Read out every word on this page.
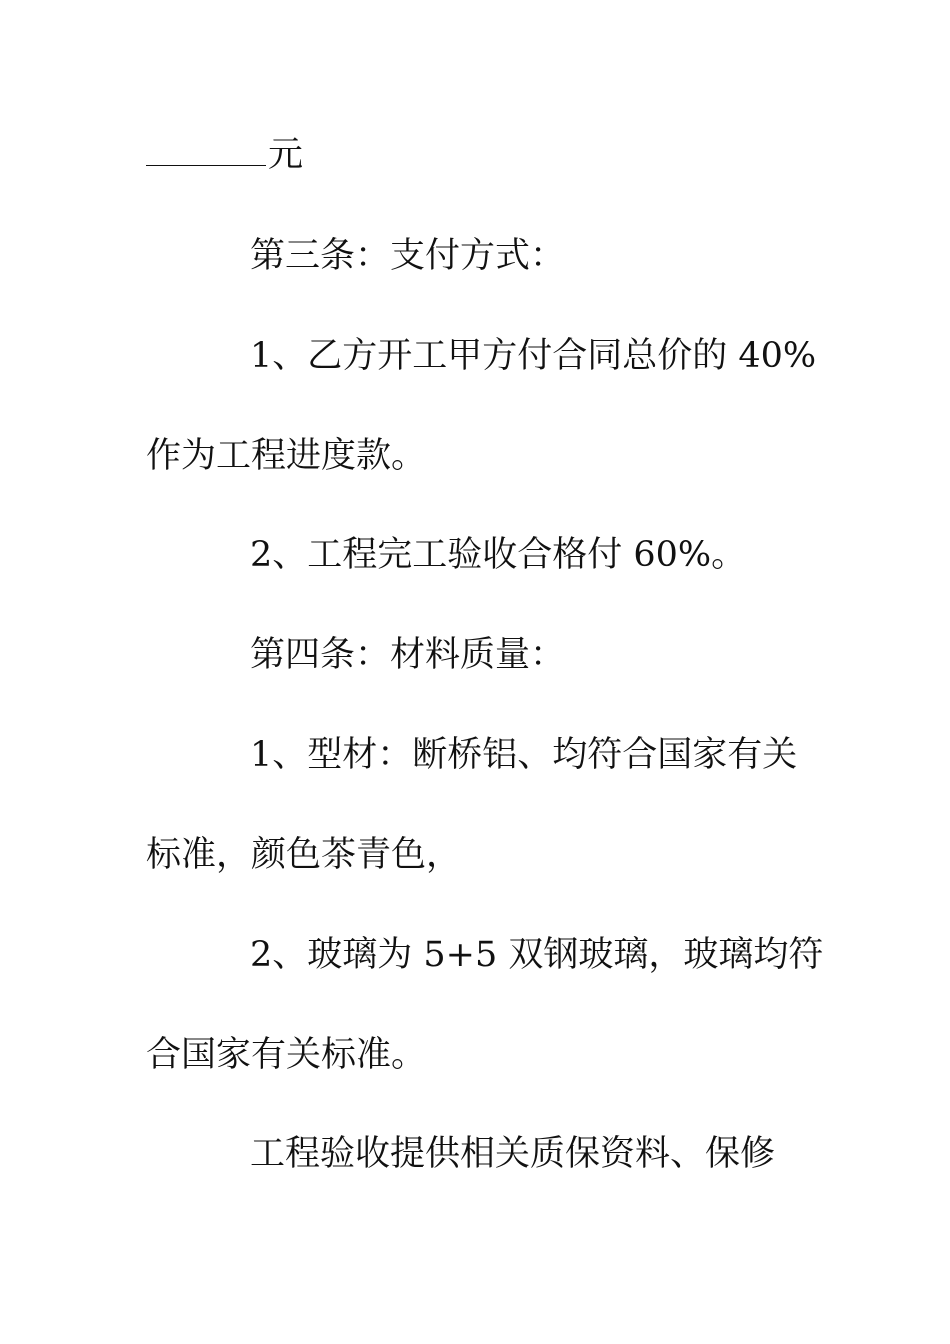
元
第三条：支付方式：
1、乙方开工甲方付合同总价的 40%
作为工程进度款。
2、工程完工验收合格付 60%。
第四条：材料质量：
1、型材：断桥铝、均符合国家有关
标准，颜色茶青色，
2、玻璃为 5+5 双钢玻璃，玻璃均符
合国家有关标准。
工程验收提供相关质保资料、保修
